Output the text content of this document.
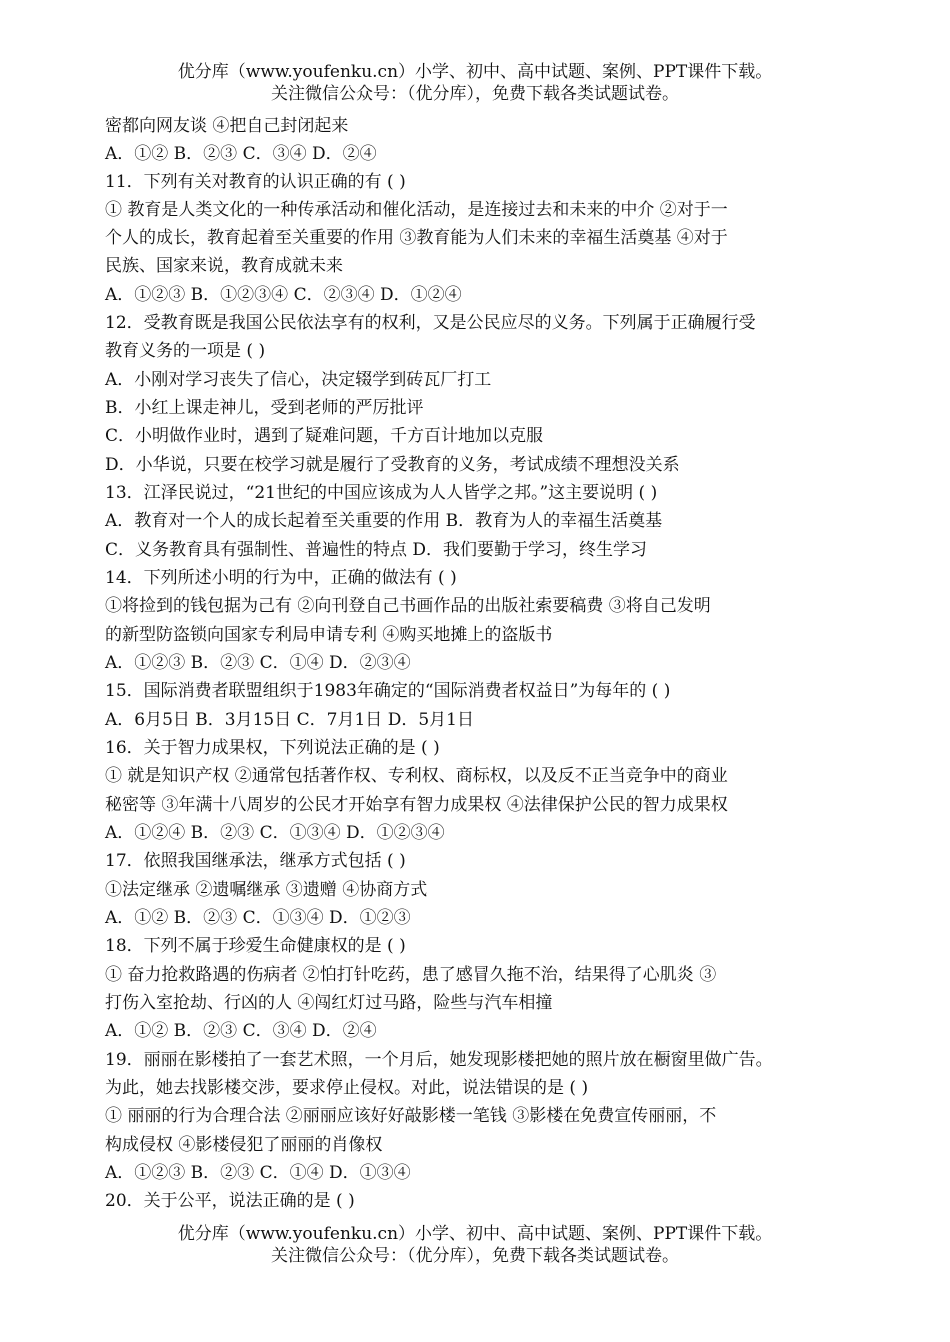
优分库（www.youfenku.cn）小学、初中、高中试题、案例、PPT课件下载。
关注微信公众号：（优分库），免费下载各类试题试卷。
密都向网友谈 ④把自己封闭起来
A．①② B．②③ C．③④ D．②④
11．下列有关对教育的认识正确的有 ( )
① 教育是人类文化的一种传承活动和催化活动，是连接过去和未来的中介 ②对于一
个人的成长，教育起着至关重要的作用 ③教育能为人们未来的幸福生活奠基 ④对于
民族、国家来说，教育成就未来
A．①②③ B．①②③④ C．②③④ D．①②④
12．受教育既是我国公民依法享有的权利，又是公民应尽的义务。下列属于正确履行受
教育义务的一项是 ( )
A．小刚对学习丧失了信心，决定辍学到砖瓦厂打工
B．小红上课走神儿，受到老师的严厉批评
C．小明做作业时，遇到了疑难问题，千方百计地加以克服
D．小华说，只要在校学习就是履行了受教育的义务，考试成绩不理想没关系
13．江泽民说过，“21世纪的中国应该成为人人皆学之邦。”这主要说明 ( )
A．教育对一个人的成长起着至关重要的作用 B．教育为人的幸福生活奠基
C．义务教育具有强制性、普遍性的特点 D．我们要勤于学习，终生学习
14．下列所述小明的行为中，正确的做法有 ( )
①将捡到的钱包据为己有 ②向刊登自己书画作品的出版社索要稿费 ③将自己发明
的新型防盗锁向国家专利局申请专利 ④购买地摊上的盗版书
A．①②③ B．②③ C．①④ D．②③④
15．国际消费者联盟组织于1983年确定的“国际消费者权益日”为每年的 ( )
A．6月5日 B．3月15日 C．7月1日 D．5月1日
16．关于智力成果权，下列说法正确的是 ( )
① 就是知识产权 ②通常包括著作权、专利权、商标权，以及反不正当竞争中的商业
秘密等 ③年满十八周岁的公民才开始享有智力成果权 ④法律保护公民的智力成果权
A．①②④ B．②③ C．①③④ D．①②③④
17．依照我国继承法，继承方式包括 ( )
①法定继承 ②遗嘱继承 ③遗赠 ④协商方式
A．①② B．②③ C．①③④ D．①②③
18．下列不属于珍爱生命健康权的是 ( )
① 奋力抢救路遇的伤病者 ②怕打针吃药，患了感冒久拖不治，结果得了心肌炎 ③
打伤入室抢劫、行凶的人 ④闯红灯过马路，险些与汽车相撞
A．①② B．②③ C．③④ D．②④
19．丽丽在影楼拍了一套艺术照，一个月后，她发现影楼把她的照片放在橱窗里做广告。
为此，她去找影楼交涉，要求停止侵权。对此，说法错误的是 ( )
① 丽丽的行为合理合法 ②丽丽应该好好敲影楼一笔钱 ③影楼在免费宣传丽丽，不
构成侵权 ④影楼侵犯了丽丽的肖像权
A．①②③ B．②③ C．①④ D．①③④
20．关于公平，说法正确的是 ( )
优分库（www.youfenku.cn）小学、初中、高中试题、案例、PPT课件下载。
关注微信公众号：（优分库），免费下载各类试题试卷。
